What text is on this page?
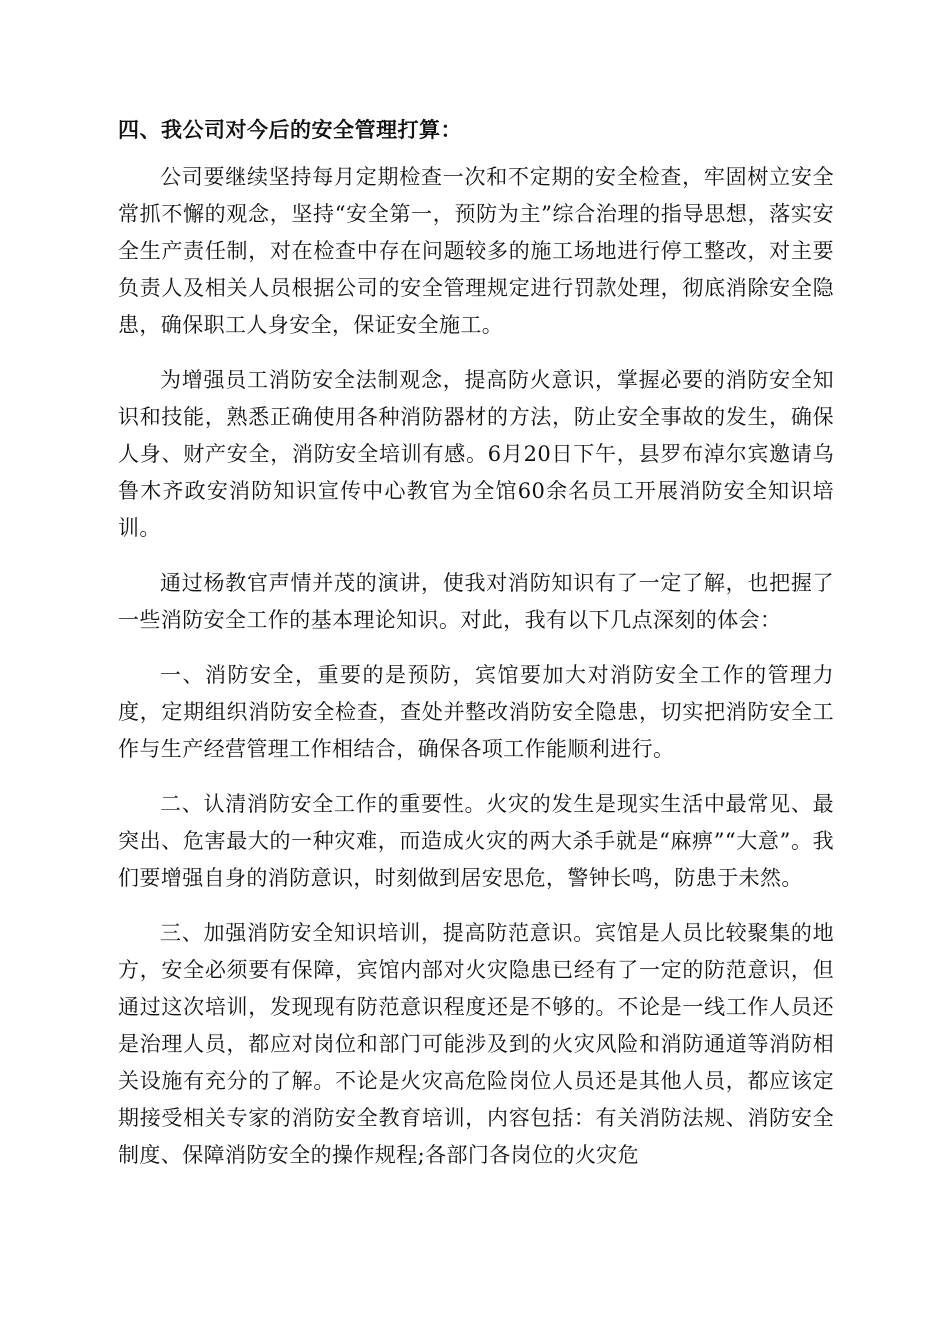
四、我公司对今后的安全管理打算：

公司要继续坚持每月定期检查一次和不定期的安全检查，牢固树立安全常抓不懈的观念，坚持“安全第一，预防为主”综合治理的指导思想，落实安全生产责任制，对在检查中存在问题较多的施工场地进行停工整改，对主要负责人及相关人员根据公司的安全管理规定进行罚款处理，彻底消除安全隐患，确保职工人身安全，保证安全施工。

为增强员工消防安全法制观念，提高防火意识，掌握必要的消防安全知识和技能，熟悉正确使用各种消防器材的方法，防止安全事故的发生，确保人身、财产安全，消防安全培训有感。6月20日下午，县罗布淖尔宾邀请乌鲁木齐政安消防知识宣传中心教官为全馆60余名员工开展消防安全知识培训。

通过杨教官声情并茂的演讲，使我对消防知识有了一定了解，也把握了一些消防安全工作的基本理论知识。对此，我有以下几点深刻的体会：

一、消防安全，重要的是预防，宾馆要加大对消防安全工作的管理力度，定期组织消防安全检查，查处并整改消防安全隐患，切实把消防安全工作与生产经营管理工作相结合，确保各项工作能顺利进行。

二、认清消防安全工作的重要性。火灾的发生是现实生活中最常见、最突出、危害最大的一种灾难，而造成火灾的两大杀手就是“麻痹”“大意”。我们要增强自身的消防意识，时刻做到居安思危，警钟长鸣，防患于未然。

三、加强消防安全知识培训，提高防范意识。宾馆是人员比较聚集的地方，安全必须要有保障，宾馆内部对火灾隐患已经有了一定的防范意识，但通过这次培训，发现现有防范意识程度还是不够的。不论是一线工作人员还是治理人员，都应对岗位和部门可能涉及到的火灾风险和消防通道等消防相关设施有充分的了解。不论是火灾高危险岗位人员还是其他人员，都应该定期接受相关专家的消防安全教育培训，内容包括：有关消防法规、消防安全制度、保障消防安全的操作规程;各部门各岗位的火灾危
